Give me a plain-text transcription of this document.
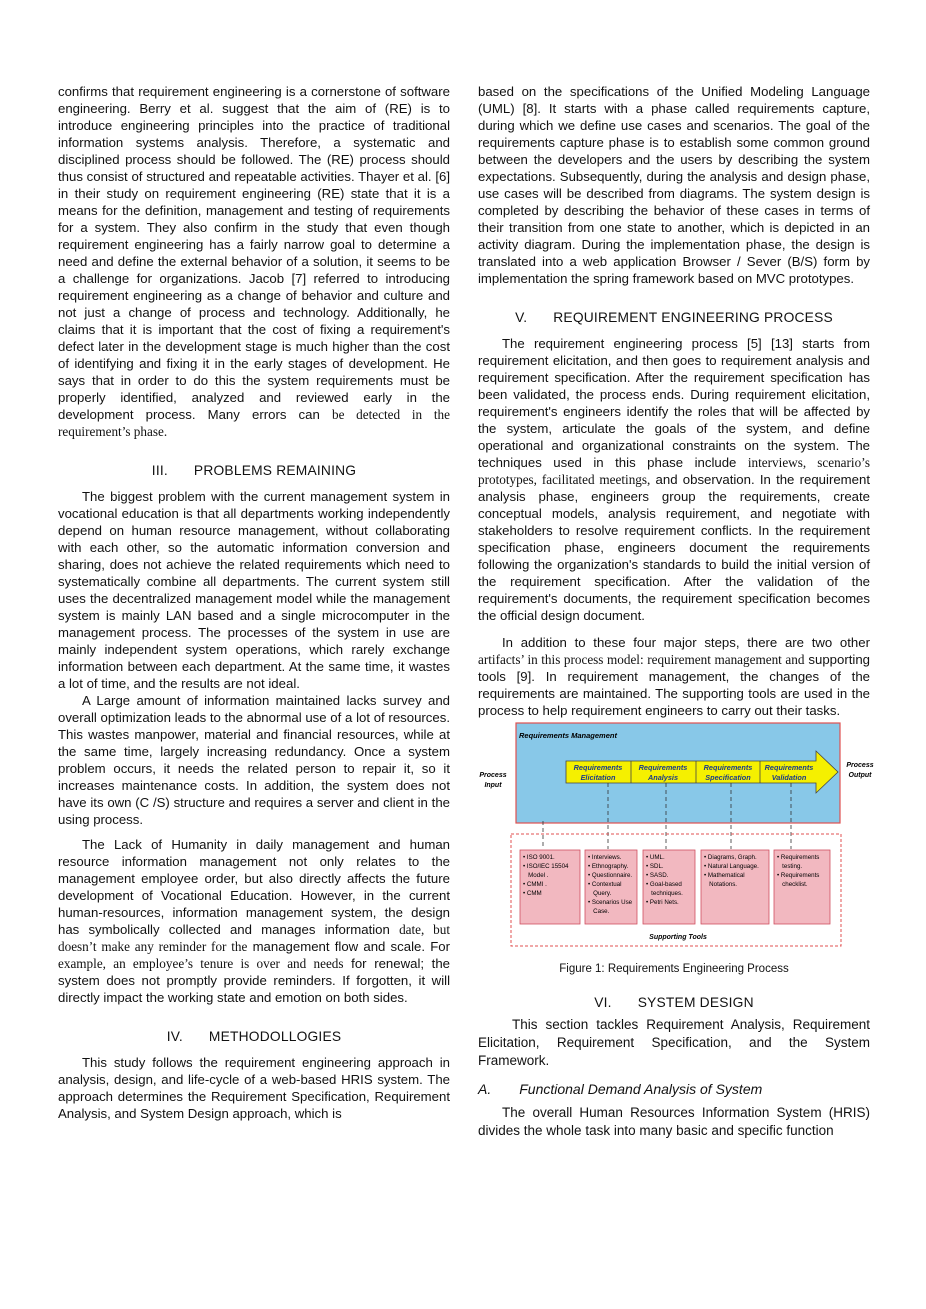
confirms that requirement engineering is a cornerstone of software engineering. Berry et al. suggest that the aim of (RE) is to introduce engineering principles into the practice of traditional information systems analysis. Therefore, a systematic and disciplined process should be followed. The (RE) process should thus consist of structured and repeatable activities. Thayer et al. [6] in their study on requirement engineering (RE) state that it is a means for the definition, management and testing of requirements for a system. They also confirm in the study that even though requirement engineering has a fairly narrow goal to determine a need and define the external behavior of a solution, it seems to be a challenge for organizations. Jacob [7] referred to introducing requirement engineering as a change of behavior and culture and not just a change of process and technology. Additionally, he claims that it is important that the cost of fixing a requirement's defect later in the development stage is much higher than the cost of identifying and fixing it in the early stages of development. He says that in order to do this the system requirements must be properly identified, analyzed and reviewed early in the development process. Many errors can be detected in the requirement’s phase.

III. PROBLEMS REMAINING

The biggest problem with the current management system in vocational education is that all departments working independently depend on human resource management, without collaborating with each other, so the automatic information conversion and sharing, does not achieve the related requirements which need to systematically combine all departments. The current system still uses the decentralized management model while the management system is mainly LAN based and a single microcomputer in the management process. The processes of the system in use are mainly independent system operations, which rarely exchange information between each department. At the same time, it wastes a lot of time, and the results are not ideal.

A Large amount of information maintained lacks survey and overall optimization leads to the abnormal use of a lot of resources. This wastes manpower, material and financial resources, while at the same time, largely increasing redundancy. Once a system problem occurs, it needs the related person to repair it, so it increases maintenance costs. In addition, the system does not have its own (C /S) structure and requires a server and client in the using process.

The Lack of Humanity in daily management and human resource information management not only relates to the management employee order, but also directly affects the future development of Vocational Education. However, in the current human-resources, information management system, the design has symbolically collected and manages information date, but doesn’t make any reminder for the management flow and scale. For example, an employee’s tenure is over and needs for renewal; the system does not promptly provide reminders. If forgotten, it will directly impact the working state and emotion on both sides.

IV. METHODOLLOGIES

This study follows the requirement engineering approach in analysis, design, and life-cycle of a web-based HRIS system. The approach determines the Requirement Specification, Requirement Analysis, and System Design approach, which is

based on the specifications of the Unified Modeling Language (UML) [8]. It starts with a phase called requirements capture, during which we define use cases and scenarios. The goal of the requirements capture phase is to establish some common ground between the developers and the users by describing the system expectations. Subsequently, during the analysis and design phase, use cases will be described from diagrams. The system design is completed by describing the behavior of these cases in terms of their transition from one state to another, which is depicted in an activity diagram. During the implementation phase, the design is translated into a web application Browser / Sever (B/S) form by implementation the spring framework based on MVC prototypes.

V. REQUIREMENT ENGINEERING PROCESS

The requirement engineering process [5] [13] starts from requirement elicitation, and then goes to requirement analysis and requirement specification. After the requirement specification has been validated, the process ends. During requirement elicitation, requirement's engineers identify the roles that will be affected by the system, articulate the goals of the system, and define operational and organizational constraints on the system. The techniques used in this phase include interviews, scenario’s prototypes, facilitated meetings, and observation. In the requirement analysis phase, engineers group the requirements, create conceptual models, analysis requirement, and negotiate with stakeholders to resolve requirement conflicts. In the requirement specification phase, engineers document the requirements following the organization's standards to build the initial version of the requirement specification. After the validation of the requirement's documents, the requirement specification becomes the official design document.

In addition to these four major steps, there are two other artifacts’ in this process model: requirement management and supporting tools [9]. In requirement management, the changes of the requirements are maintained. The supporting tools are used in the process to help requirement engineers to carry out their tasks.

Requirements Management
Requirements
Elicitation
Requirements
Analysis
Requirements
Specification
Requirements
Validation
Process
Input
Process
Output
• ISO 9001.
• ISO/IEC 15504
Model .
• CMMI .
• CMM
• Interviews.
• Ethnography.
• Questionnaire.
• Contextual
Query.
• Scenarios Use
Case.
• UML.
• SDL.
• SASD.
• Goal-based
techniques.
• Petri Nets.
• Diagrams, Graph.
• Natural Language.
• Mathematical
Notations.
• Requirements
testing.
• Requirements
checklist.
Supporting Tools

Figure 1: Requirements Engineering Process

VI. SYSTEM DESIGN

This section tackles Requirement Analysis, Requirement Elicitation, Requirement Specification, and the System Framework.

A. Functional Demand Analysis of System

The overall Human Resources Information System (HRIS) divides the whole task into many basic and specific function
